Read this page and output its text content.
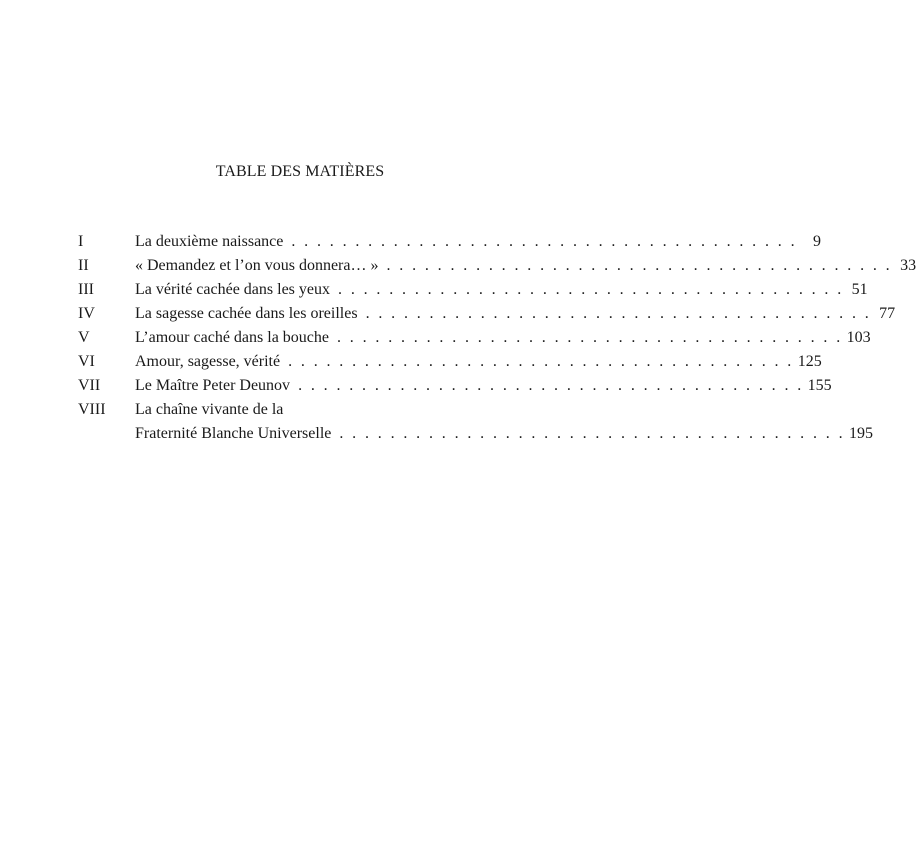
TABLE DES MATIÈRES
I	La deuxième naissance . . . . . . . . . . . . . . . . . . . . . . . . . . . . . . . . . . . . . . . .	9
II	« Demandez et l’on vous donnera… » . . . . . . . . . . . . . . . . . . . . . . . . . . . . . . . . . . . . . . . . 33
III	La vérité cachée dans les yeux . . . . . . . . . . . . . . . . . . . . . . . . . . . . . . . . . . . . . . . . 51
IV	La sagesse cachée dans les oreilles . . . . . . . . . . . . . . . . . . . . . . . . . . . . . . . . . . . . . . . . 77
V	L’amour caché dans la bouche . . . . . . . . . . . . . . . . . . . . . . . . . . . . . . . . . . . . . . . . 103
VI	Amour, sagesse, vérité . . . . . . . . . . . . . . . . . . . . . . . . . . . . . . . . . . . . . . . . 125
VII	Le Maître Peter Deunov . . . . . . . . . . . . . . . . . . . . . . . . . . . . . . . . . . . . . . . . 155
VIII	La chaîne vivante de la
Fraternité Blanche Universelle . . . . . . . . . . . . . . . . . . . . . . . . . . . . . . . . . . . . . . . . 195
